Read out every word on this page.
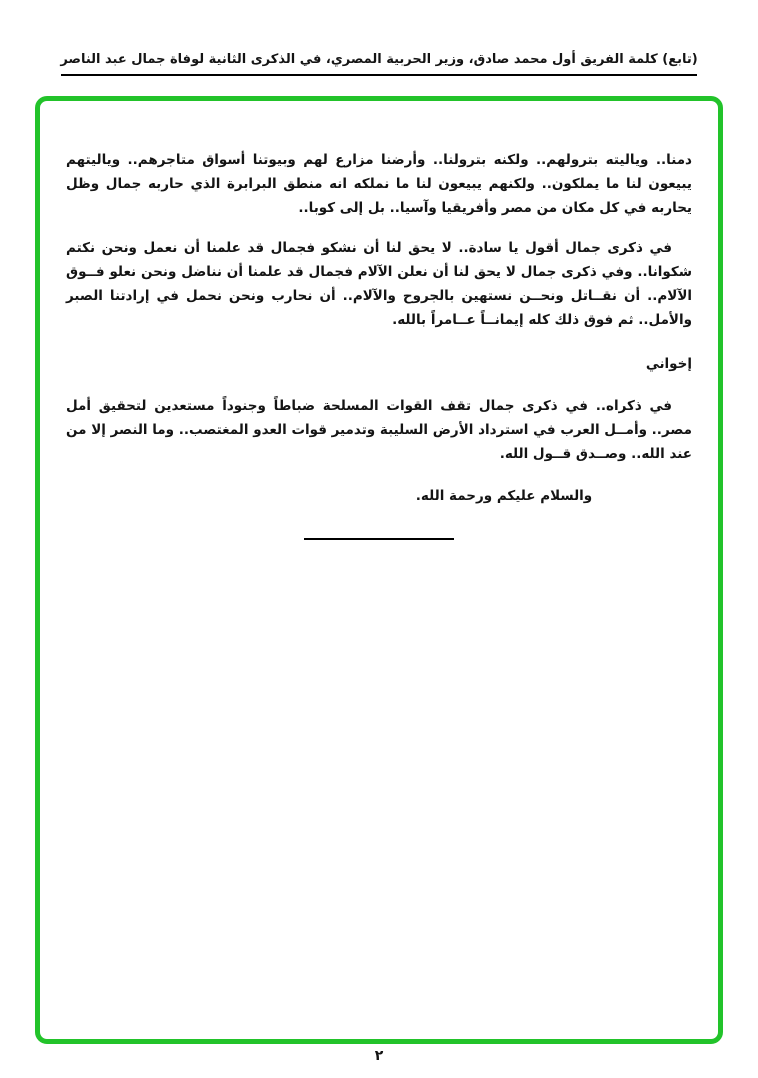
(تابع) كلمة الفريق أول محمد صادق، وزير الحربية المصري، في الذكرى الثانية لوفاة جمال عبد الناصر

دمنا.. وياليته بترولهم.. ولكنه بترولنا.. وأرضنا مزارع لهم وبيوتنا أسواق متاجرهم.. وياليتهم يبيعون لنا ما يملكون.. ولكنهم يبيعون لنا ما نملكه انه منطق البرابرة الذي حاربه جمال وظل يحاربه في كل مكان من مصر وأفريقيا وآسيا.. بل إلى كوبا..

في ذكرى جمال أقول يا سادة.. لا يحق لنا أن نشكو فجمال قد علمنا أن نعمل ونحن نكتم شكوانا.. وفي ذكرى جمال لا يحق لنا أن نعلن الآلام فجمال قد علمنا أن نناضل ونحن نعلو فــوق الآلام.. أن نقــاتل ونحــن نستهين بالجروح والآلام.. أن نحارب ونحن نحمل في إرادتنا الصبر والأمل.. ثم فوق ذلك كله إيمانــاً عــامراً بالله.

إخواني

في ذكراه.. في ذكرى جمال تقف القوات المسلحة ضباطاً وجنوداً مستعدين لتحقيق أمل مصر.. وأمــل العرب في استرداد الأرض السليبة وتدمير قوات العدو المغتصب.. وما النصر إلا من عند الله.. وصــدق قــول الله.

والسلام عليكم ورحمة الله.
٢
